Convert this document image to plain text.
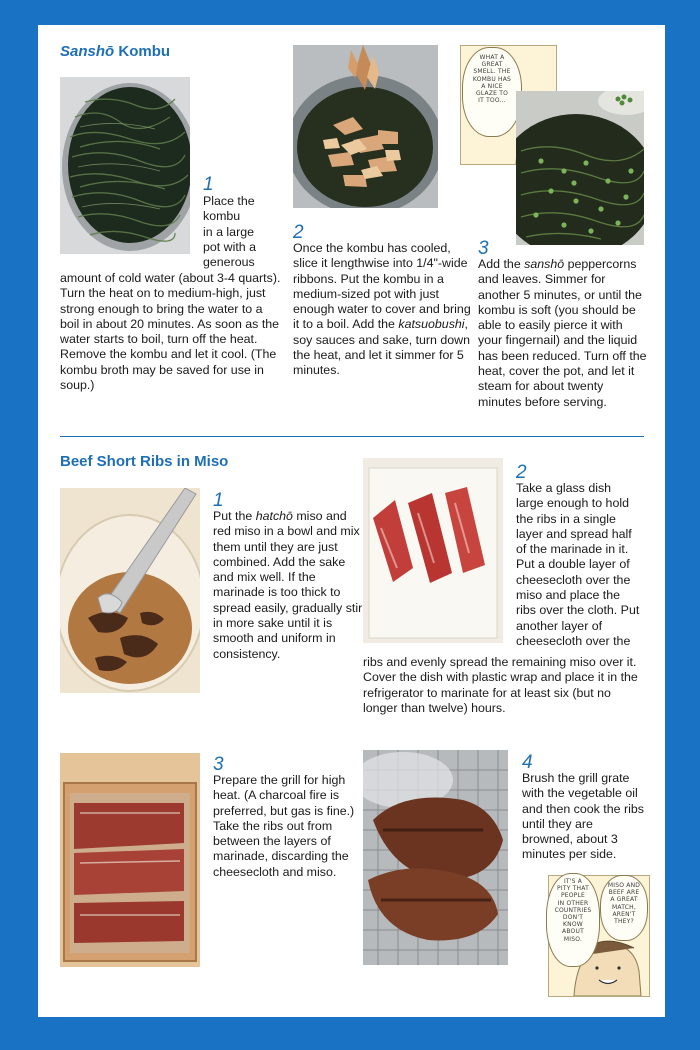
Sanshō Kombu
1
Place the
kombu
in a large
pot with a
generous

amount of cold water (about 3-4 quarts). Turn the heat on to medium-high, just strong enough to bring the water to a boil in about 20 minutes. As soon as the water starts to boil, turn off the heat. Remove the kombu and let it cool. (The kombu broth may be saved for use in soup.)

2

Once the kombu has cooled, slice it lengthwise into 1/4"-wide ribbons. Put the kombu in a medium-sized pot with just enough water to cover and bring it to a boil. Add the katsuobushi, soy sauces and sake, turn down the heat, and let it simmer for 5 minutes.

WHAT A
GREAT
SMELL. THE
KOMBU HAS
A NICE
GLAZE TO
IT TOO...
3

Add the sanshō peppercorns and leaves. Simmer for another 5 minutes, or until the kombu is soft (you should be able to easily pierce it with your fingernail) and the liquid has been reduced. Turn off the heat, cover the pot, and let it steam for about twenty minutes before serving.

Beef Short Ribs in Miso
1

Put the hatchō miso and red miso in a bowl and mix them until they are just combined. Add the sake and mix well. If the marinade is too thick to spread easily, gradually stir in more sake until it is smooth and uniform in consistency.

2

Take a glass dish large enough to hold the ribs in a single layer and spread half of the marinade in it. Put a double layer of cheesecloth over the miso and place the ribs over the cloth. Put another layer of cheesecloth over the

ribs and evenly spread the remaining miso over it. Cover the dish with plastic wrap and place it in the refrigerator to marinate for at least six (but no longer than twelve) hours.

3

Prepare the grill for high heat. (A charcoal fire is preferred, but gas is fine.) Take the ribs out from between the layers of marinade, discarding the cheesecloth and miso.

4

Brush the grill grate with the vegetable oil and then cook the ribs until they are browned, about 3 minutes per side.

IT'S A
PITY THAT
PEOPLE
IN OTHER
COUNTRIES
DON'T
KNOW
ABOUT
MISO.
MISO AND
BEEF ARE
A GREAT
MATCH,
AREN'T
THEY?
